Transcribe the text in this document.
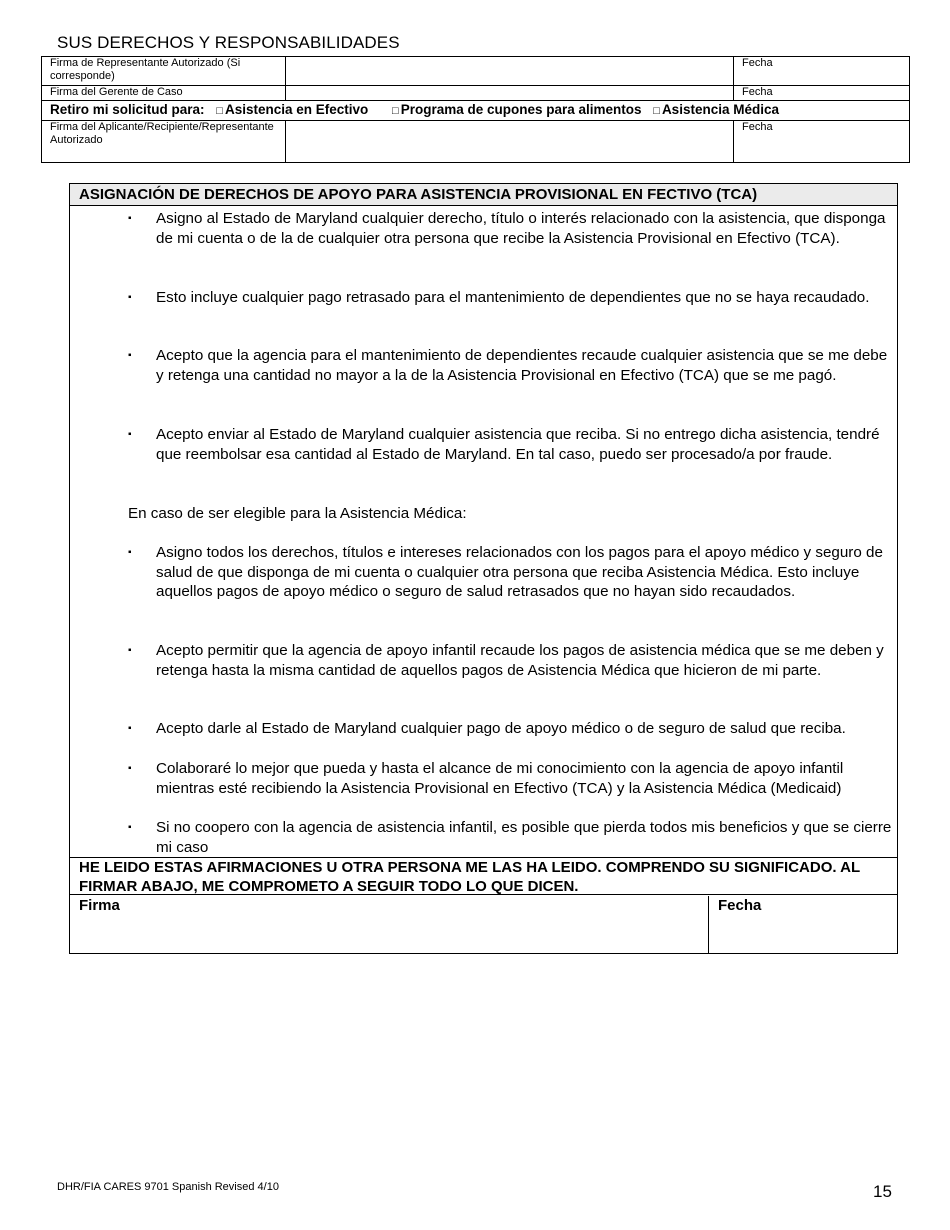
SUS DERECHOS Y RESPONSABILIDADES
Firma de Representante Autorizado (Si corresponde)		Fecha
Firma del Gerente de Caso		Fecha
Retiro mi solicitud para: □ Asistencia en Efectivo □ Programa de cupones para alimentos □ Asistencia Médica		
Firma del Aplicante/Recipiente/Representante Autorizado		Fecha
ASIGNACIÓN DE DERECHOS DE APOYO PARA ASISTENCIA PROVISIONAL EN FECTIVO (TCA)
▪ Asigno al Estado de Maryland cualquier derecho, título o interés relacionado con la asistencia, que disponga de mi cuenta o de la de cualquier otra persona que recibe la Asistencia Provisional en Efectivo (TCA).
▪ Esto incluye cualquier pago retrasado para el mantenimiento de dependientes que no se haya recaudado.
▪ Acepto que la agencia para el mantenimiento de dependientes recaude cualquier asistencia que se me debe y retenga una cantidad no mayor a la de la Asistencia Provisional en Efectivo (TCA) que se me pagó.
▪ Acepto enviar al Estado de Maryland cualquier asistencia que reciba. Si no entrego dicha asistencia, tendré que reembolsar esa cantidad al Estado de Maryland. En tal caso, puedo ser procesado/a por fraude.
En caso de ser elegible para la Asistencia Médica:
▪ Asigno todos los derechos, títulos e intereses relacionados con los pagos para el apoyo médico y seguro de salud de que disponga de mi cuenta o cualquier otra persona que reciba Asistencia Médica. Esto incluye aquellos pagos de apoyo médico o seguro de salud retrasados que no hayan sido recaudados.
▪ Acepto permitir que la agencia de apoyo infantil recaude los pagos de asistencia médica que se me deben y retenga hasta la misma cantidad de aquellos pagos de Asistencia Médica que hicieron de mi parte.
▪ Acepto darle al Estado de Maryland cualquier pago de apoyo médico o de seguro de salud que reciba.
▪ Colaboraré lo mejor que pueda y hasta el alcance de mi conocimiento con la agencia de apoyo infantil mientras esté recibiendo la Asistencia Provisional en Efectivo (TCA) y la Asistencia Médica (Medicaid)
▪ Si no coopero con la agencia de asistencia infantil, es posible que pierda todos mis beneficios y que se cierre mi caso
HE LEIDO ESTAS AFIRMACIONES U OTRA PERSONA ME LAS HA LEIDO. COMPRENDO SU SIGNIFICADO. AL FIRMAR ABAJO, ME COMPROMETO A SEGUIR TODO LO QUE DICEN.
Firma	Fecha
DHR/FIA CARES 9701 Spanish Revised 4/10	15
